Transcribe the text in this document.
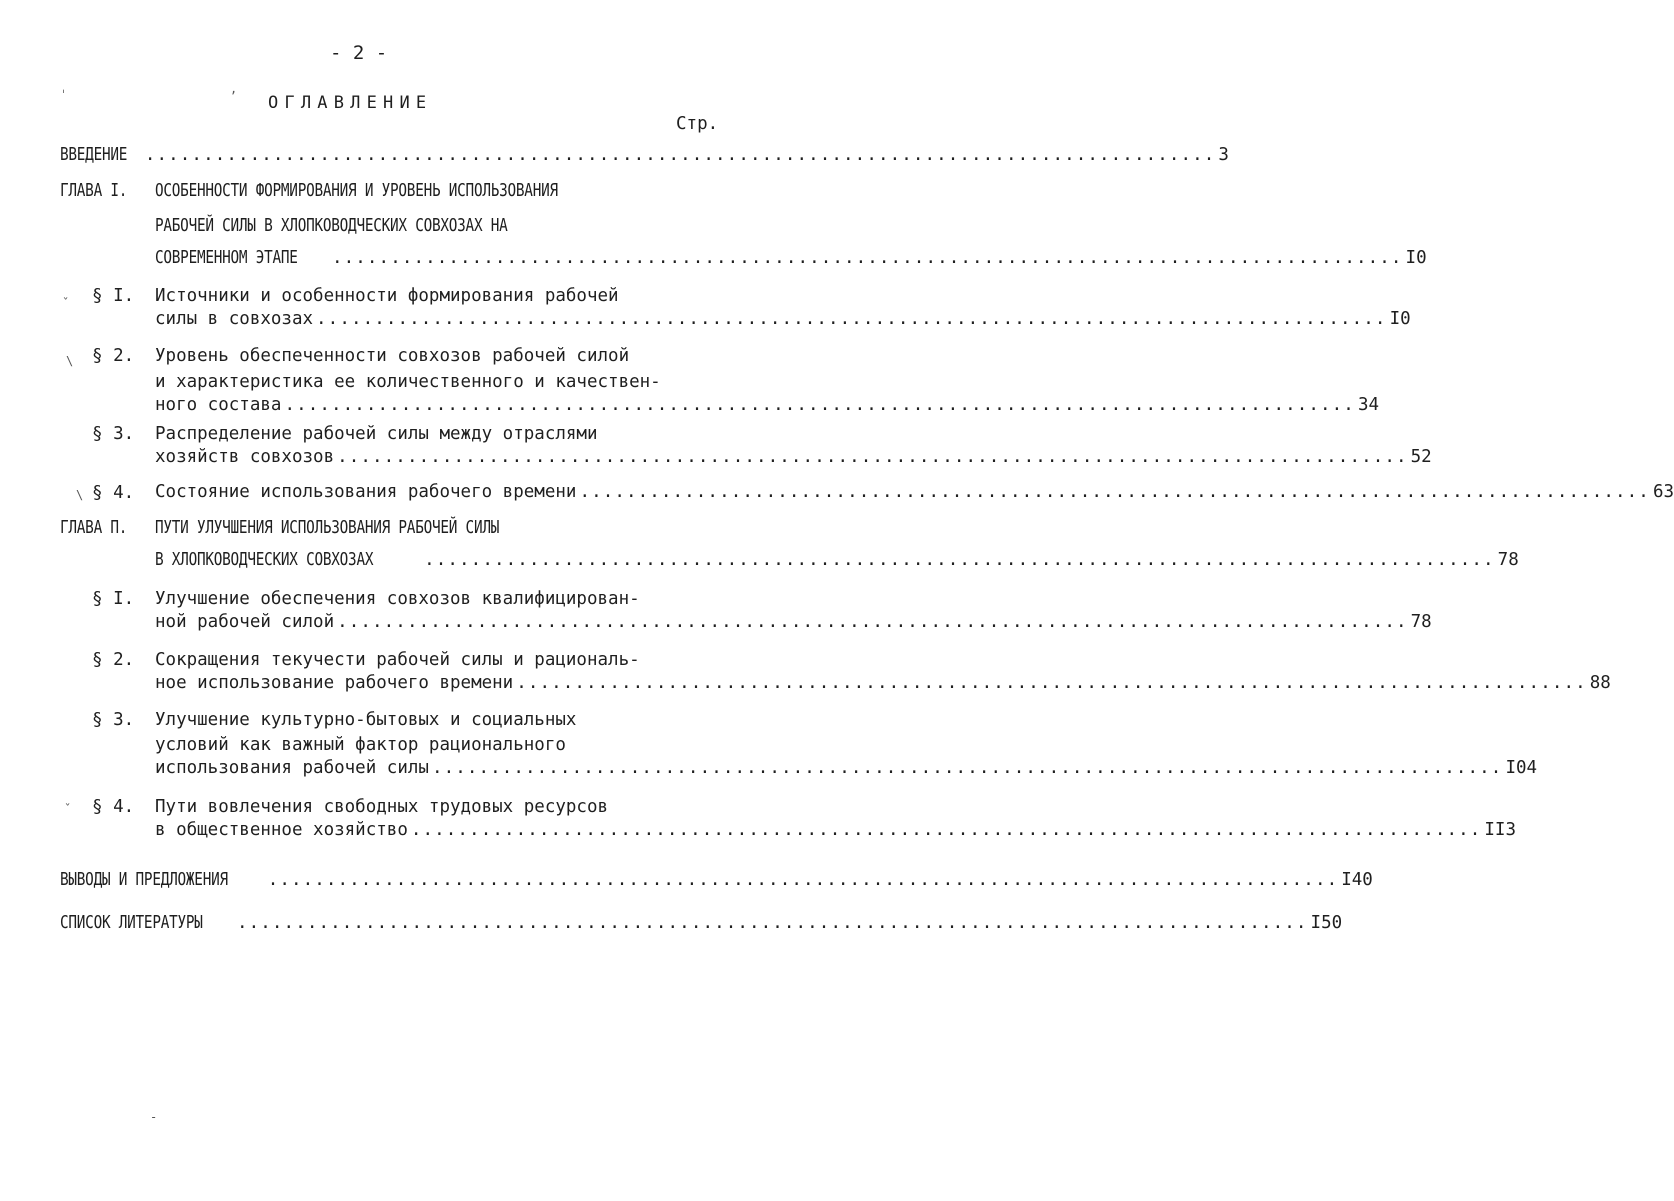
- 2 -
ОГЛАВЛЕНИЕ
Стр.
ˈ	,
ВВЕДЕНИЕ ............................................................................................ 3
ГЛАВА I.	ОСОБЕННОСТИ ФОРМИРОВАНИЯ И УРОВЕНЬ ИСПОЛЬЗОВАНИЯ
РАБОЧЕЙ СИЛЫ В ХЛОПКОВОДЧЕСКИХ СОВХОЗАХ НА
СОВРЕМЕННОМ ЭТАПЕ ............................................................................................ I0
ˇ § I. Источники и особенности формирования рабочей
силы в совхозах ............................................................................................ I0
\ § 2. Уровень обеспеченности совхозов рабочей силой
и характеристика ее количественного и качествен-
ного состава ............................................................................................ 34
§ 3. Распределение рабочей силы между отраслями
хозяйств совхозов ............................................................................................ 52
\ § 4. Состояние использования рабочего времени ............................................................................................ 63
ГЛАВА П.	ПУТИ УЛУЧШЕНИЯ ИСПОЛЬЗОВАНИЯ РАБОЧЕЙ СИЛЫ
В ХЛОПКОВОДЧЕСКИХ СОВХОЗАХ	............................................................................................ 78
§ I. Улучшение обеспечения совхозов квалифицирован-
ной рабочей силой ............................................................................................ 78
§ 2. Сокращения текучести рабочей силы и рациональ-
ное использование рабочего времени ............................................................................................ 88
§ 3. Улучшение культурно-бытовых и социальных
условий как важный фактор рационального
использования рабочей силы ............................................................................................ I04
ˇ § 4. Пути вовлечения свободных трудовых ресурсов
в общественное хозяйство ............................................................................................ II3
ВЫВОДЫ И ПРЕДЛОЖЕНИЯ ............................................................................................ I40
СПИСОК ЛИТЕРАТУРЫ ............................................................................................ I50
-
